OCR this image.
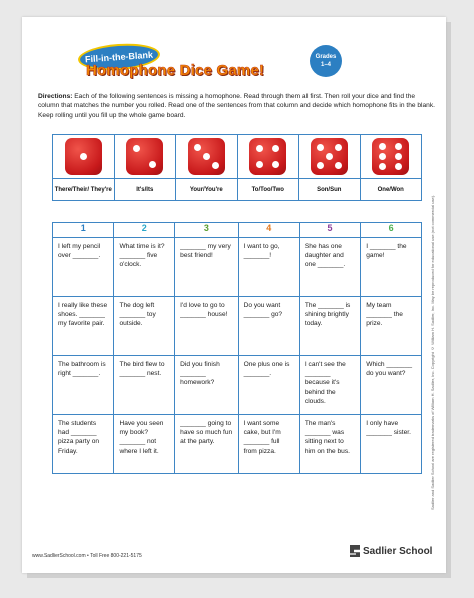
Fill-in-the-Blank
Homophone Dice Game!
Grades
1–4
Directions: Each of the following sentences is missing a homophone. Read through them all first. Then roll your dice and find the column that matches the number you rolled. Read one of the sentences from that column and decide which homophone fits in the blank. Keep rolling until you fill up the whole game board.
There/Their/ They're	It's/Its	Your/You're	To/Too/Two	Son/Sun	One/Won
1	2	3	4	5	6
I left my pencil over _______.	What time is it? _______ five o'clock.	_______ my very best friend!	I want to go, _______!	She has one daughter and one _______.	I _______ the game!
I really like these shoes. _______ my favorite pair.	The dog left _______ toy outside.	I'd love to go to _______ house!	Do you want _______ go?	The _______ is shining brightly today.	My team _______ the prize.
The bathroom is right _______.	The bird flew to _______ nest.	Did you finish _______ homework?	One plus one is _______.	I can't see the _______ because it's behind the clouds.	Which _______ do you want?
The students had _______ pizza party on Friday.	Have you seen my book? _______ not where I left it.	_______ going to have so much fun at the party.	I want some cake, but I'm _______ full from pizza.	The man's _______ was sitting next to him on the bus.	I only have _______ sister.	Sadlier and Sadlier School are registered trademarks of William H. Sadlier, Inc. Copyright © William H. Sadlier, Inc. May be reproduced for educational use (not commercial use).
www.SadlierSchool.com • Toll Free 800-221-5175	Sadlier School
